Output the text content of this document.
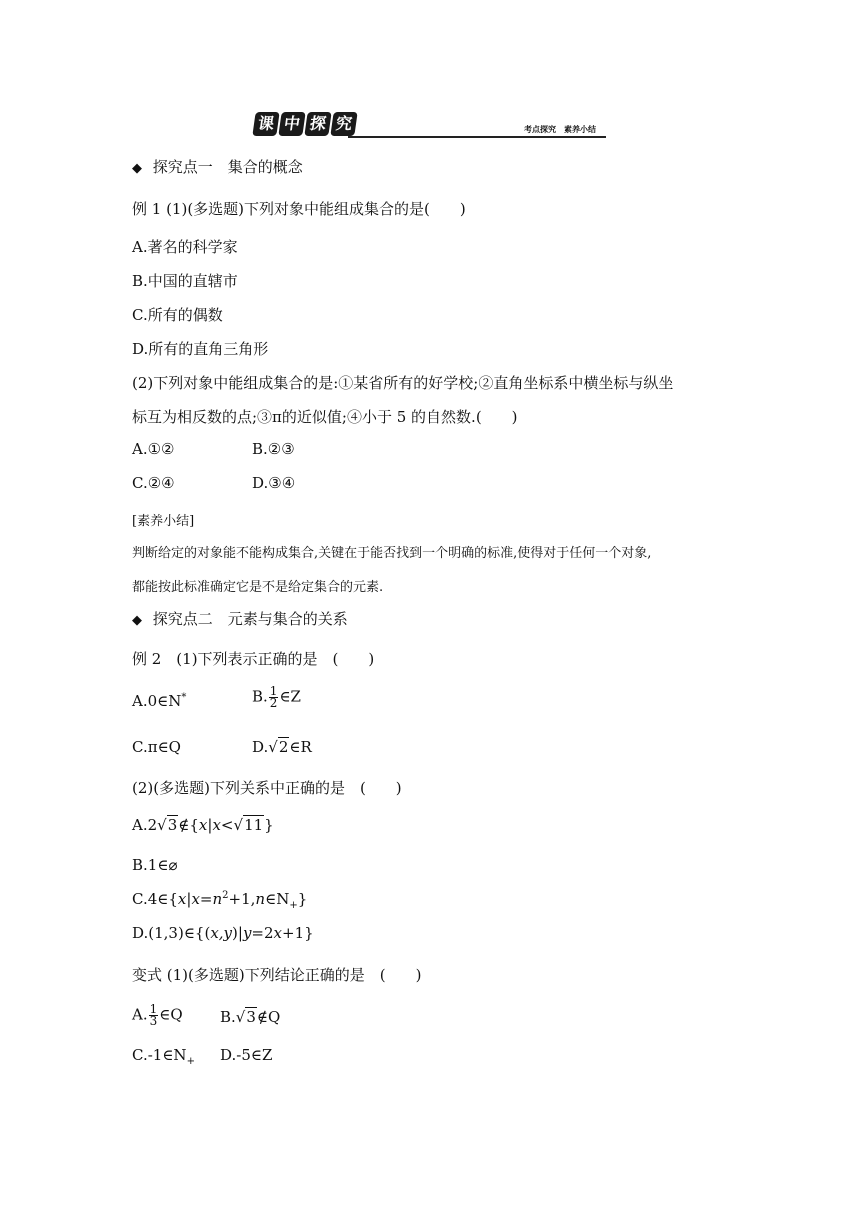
课 中 探 究	考点探究　素养小结
◆ 探究点一　集合的概念
例 1 (1)(多选题)下列对象中能组成集合的是(　　)
A.著名的科学家
B.中国的直辖市
C.所有的偶数
D.所有的直角三角形
(2)下列对象中能组成集合的是:①某省所有的好学校;②直角坐标系中横坐标与纵坐
标互为相反数的点;③π的近似值;④小于 5 的自然数.(　　)
A.①②	B.②③
C.②④	D.③④
[素养小结]
判断给定的对象能不能构成集合,关键在于能否找到一个明确的标准,使得对于任何一个对象,
都能按此标准确定它是不是给定集合的元素.
◆ 探究点二　元素与集合的关系
例 2　(1)下列表示正确的是　(　　)
A.0∈N*	B. $\frac{1}{2}$ ∈Z
C.π∈Q	D.√2∈R
(2)(多选题)下列关系中正确的是　(　　)
A.2√3∉{x|x<√11}
B.1∈⌀
$C.4\in\{x|x=n^2+1,n\in N_+\}$
D.(1,3)∈{(x,y)|y=2x+1}
变式 (1)(多选题)下列结论正确的是　(　　)
A. $\frac{1}{3}$ ∈Q B.√3∉Q
$C.-1\in N_+$ D.-5∈Z
